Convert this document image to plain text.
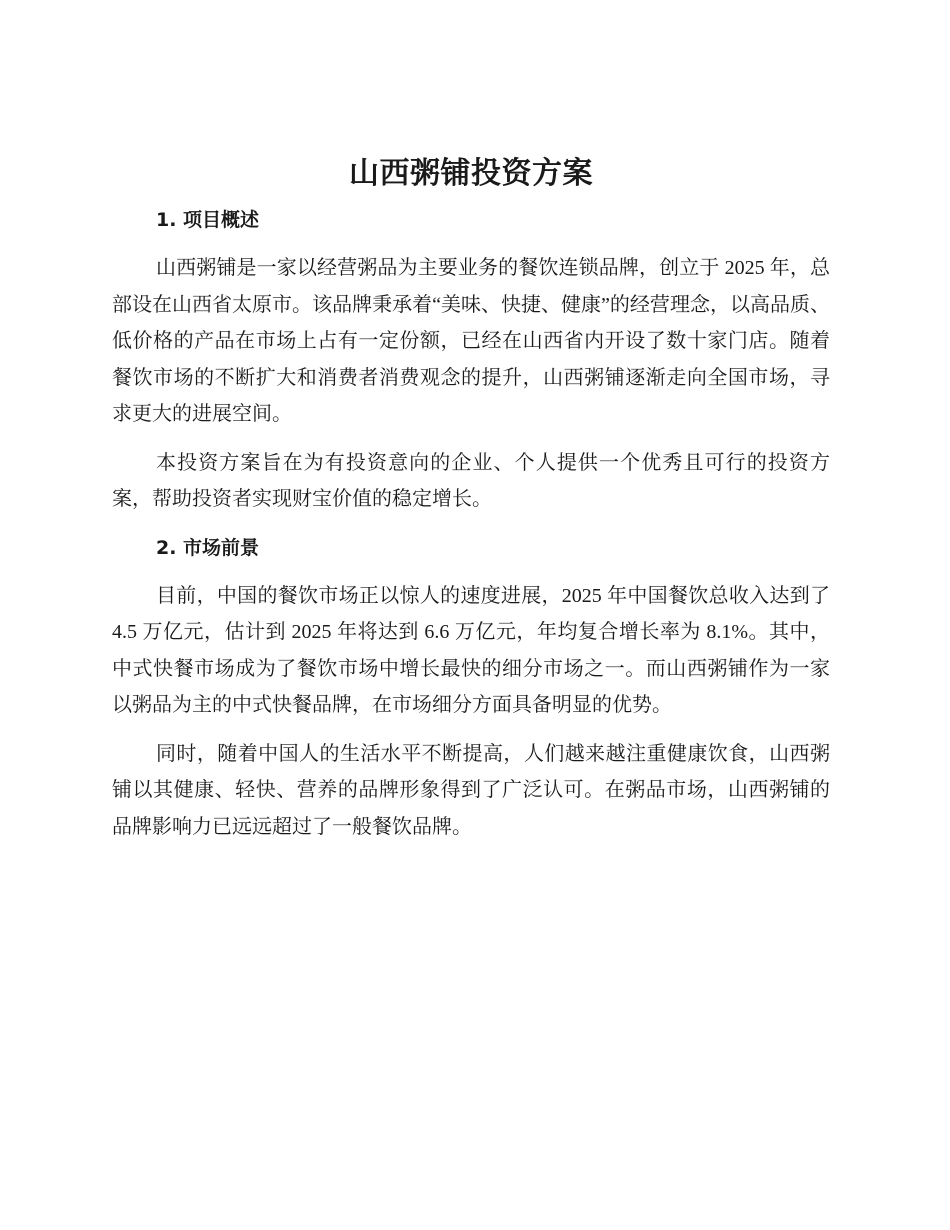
山西粥铺投资方案
1. 项目概述

山西粥铺是一家以经营粥品为主要业务的餐饮连锁品牌，创立于 2025 年，总部设在山西省太原市。该品牌秉承着“美味、快捷、健康”的经营理念，以高品质、低价格的产品在市场上占有一定份额，已经在山西省内开设了数十家门店。随着餐饮市场的不断扩大和消费者消费观念的提升，山西粥铺逐渐走向全国市场，寻求更大的进展空间。

本投资方案旨在为有投资意向的企业、个人提供一个优秀且可行的投资方案，帮助投资者实现财宝价值的稳定增长。

2. 市场前景

目前，中国的餐饮市场正以惊人的速度进展，2025 年中国餐饮总收入达到了 4.5 万亿元，估计到 2025 年将达到 6.6 万亿元，年均复合增长率为 8.1%。其中，中式快餐市场成为了餐饮市场中增长最快的细分市场之一。而山西粥铺作为一家以粥品为主的中式快餐品牌，在市场细分方面具备明显的优势。

同时，随着中国人的生活水平不断提高，人们越来越注重健康饮食，山西粥铺以其健康、轻快、营养的品牌形象得到了广泛认可。在粥品市场，山西粥铺的品牌影响力已远远超过了一般餐饮品牌。
